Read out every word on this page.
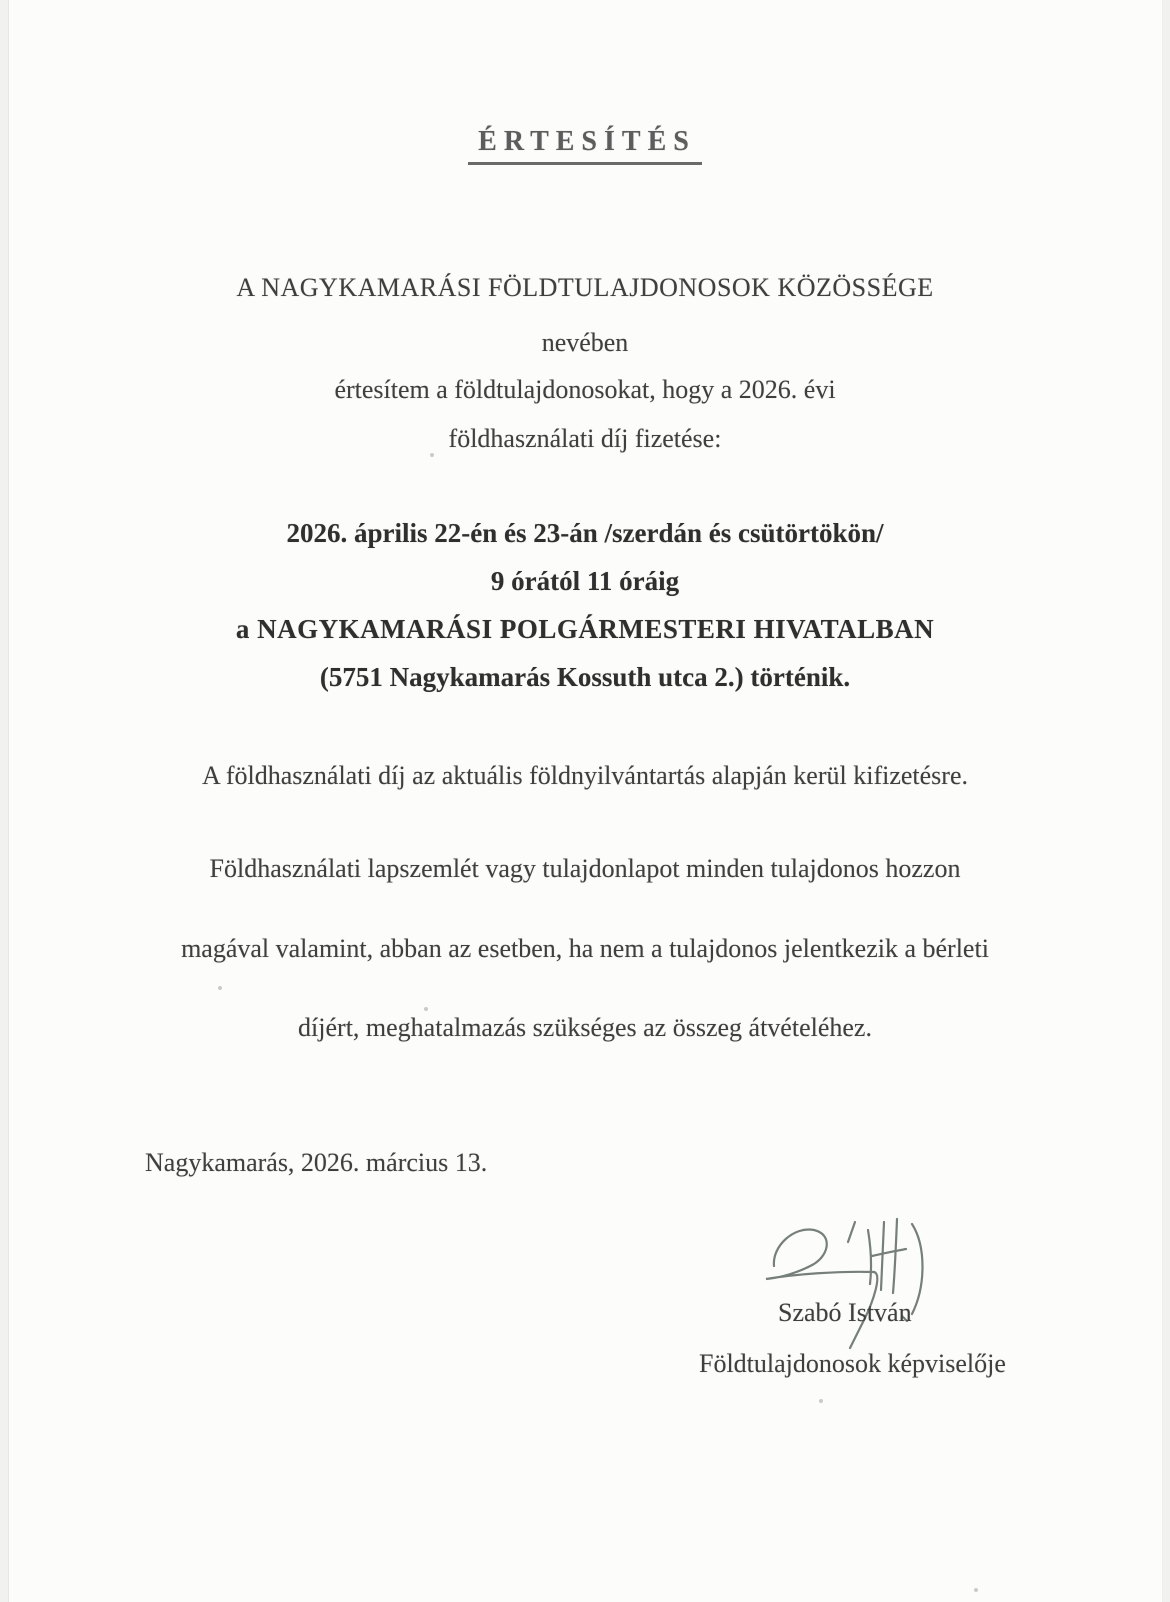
ÉRTESÍTÉS
A NAGYKAMARÁSI FÖLDTULAJDONOSOK KÖZÖSSÉGE
nevében
értesítem a földtulajdonosokat, hogy a 2026. évi
földhasználati díj fizetése:
2026. április 22-én és 23-án /szerdán és csütörtökön/
9 órától 11 óráig
a NAGYKAMARÁSI POLGÁRMESTERI HIVATALBAN
(5751 Nagykamarás Kossuth utca 2.) történik.
A földhasználati díj az aktuális földnyilvántartás alapján kerül kifizetésre.
Földhasználati lapszemlét vagy tulajdonlapot minden tulajdonos hozzon
magával valamint, abban az esetben, ha nem a tulajdonos jelentkezik a bérleti
díjért, meghatalmazás szükséges az összeg átvételéhez.
Nagykamarás, 2026. március 13.
Szabó István
Földtulajdonosok képviselője
